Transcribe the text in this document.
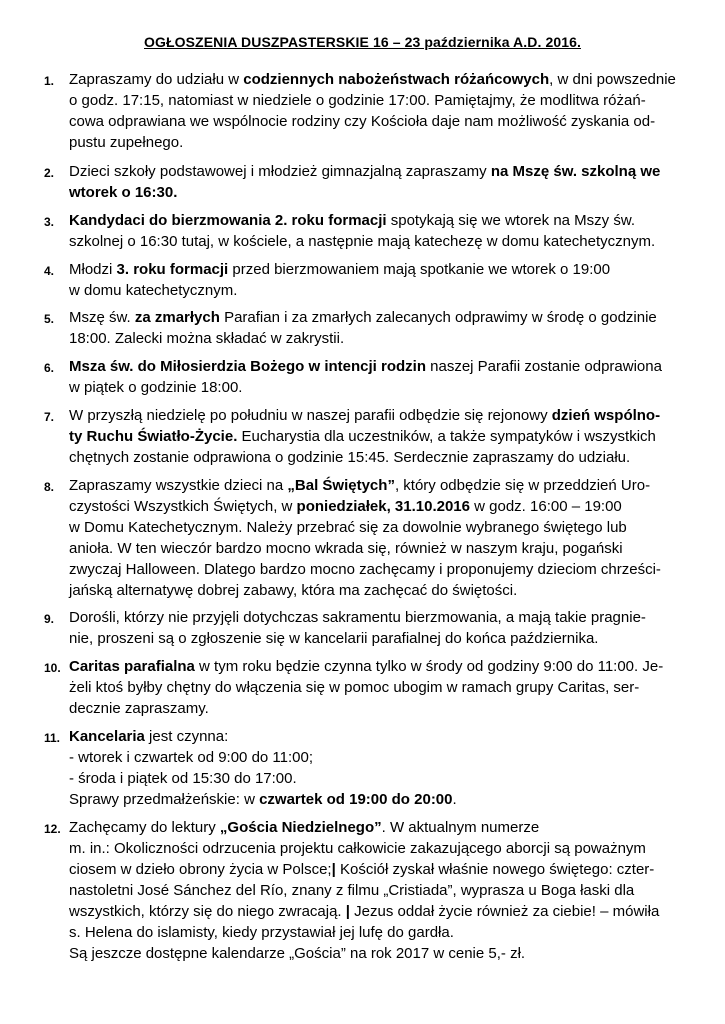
OGŁOSZENIA DUSZPASTERSKIE 16 – 23 października A.D. 2016.
1. Zapraszamy do udziału w codziennych nabożeństwach różańcowych, w dni powszednie
o godz. 17:15, natomiast w niedziele o godzinie 17:00. Pamiętajmy, że modlitwa różań-
cowa odprawiana we wspólnocie rodziny czy Kościoła daje nam możliwość zyskania od-
pustu zupełnego.
2. Dzieci szkoły podstawowej i młodzież gimnazjalną zapraszamy na Mszę św. szkolną we
wtorek o 16:30.
3. Kandydaci do bierzmowania 2. roku formacji spotykają się we wtorek na Mszy św.
szkolnej o 16:30 tutaj, w kościele, a następnie mają katechezę w domu katechetycznym.
4. Młodzi 3. roku formacji przed bierzmowaniem mają spotkanie we wtorek o 19:00
w domu katechetycznym.
5. Mszę św. za zmarłych Parafian i za zmarłych zalecanych odprawimy w środę o godzinie
18:00. Zalecki można składać w zakrystii.
6. Msza św. do Miłosierdzia Bożego w intencji rodzin naszej Parafii zostanie odprawiona
w piątek o godzinie 18:00.
7. W przyszłą niedzielę po południu w naszej parafii odbędzie się rejonowy dzień wspólno-
ty Ruchu Światło-Życie. Eucharystia dla uczestników, a także sympatyków i wszystkich
chętnych zostanie odprawiona o godzinie 15:45. Serdecznie zapraszamy do udziału.
8. Zapraszamy wszystkie dzieci na „Bal Świętych”, który odbędzie się w przeddzień Uro-
czystości Wszystkich Świętych, w poniedziałek, 31.10.2016 w godz. 16:00 – 19:00
w Domu Katechetycznym. Należy przebrać się za dowolnie wybranego świętego lub
anioła. W ten wieczór bardzo mocno wkrada się, również w naszym kraju, pogański
zwyczaj Halloween. Dlatego bardzo mocno zachęcamy i proponujemy dzieciom chrześci-
jańską alternatywę dobrej zabawy, która ma zachęcać do świętości.
9. Dorośli, którzy nie przyjęli dotychczas sakramentu bierzmowania, a mają takie pragnie-
nie, proszeni są o zgłoszenie się w kancelarii parafialnej do końca października.
10. Caritas parafialna w tym roku będzie czynna tylko w środy od godziny 9:00 do 11:00. Je-
żeli ktoś byłby chętny do włączenia się w pomoc ubogim w ramach grupy Caritas, ser-
decznie zapraszamy.
11. Kancelaria jest czynna:
- wtorek i czwartek od 9:00 do 11:00;
- środa i piątek od 15:30 do 17:00.
Sprawy przedmałżeńskie: w czwartek od 19:00 do 20:00.
12. Zachęcamy do lektury „Gościa Niedzielnego”. W aktualnym numerze
m. in.: Okoliczności odrzucenia projektu całkowicie zakazującego aborcji są poważnym
ciosem w dzieło obrony życia w Polsce;| Kościół zyskał właśnie nowego świętego: czter-
nastoletni José Sánchez del Río, znany z filmu „Cristiada”, wyprasza u Boga łaski dla
wszystkich, którzy się do niego zwracają. | Jezus oddał życie również za ciebie! – mówiła
s. Helena do islamisty, kiedy przystawiał jej lufę do gardła.
Są jeszcze dostępne kalendarze „Gościa” na rok 2017 w cenie 5,- zł.
